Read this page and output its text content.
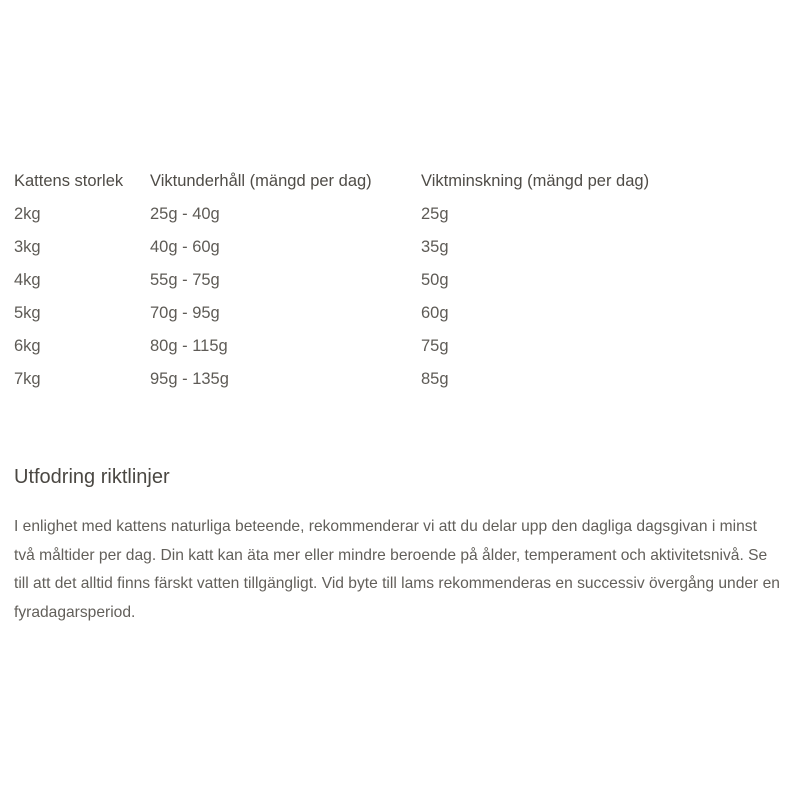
Kattens storlek	Viktunderhåll (mängd per dag)	Viktminskning (mängd per dag)
2kg	25g - 40g	25g
3kg	40g - 60g	35g
4kg	55g - 75g	50g
5kg	70g - 95g	60g
6kg	80g - 115g	75g
7kg	95g - 135g	85g
Utfodring riktlinjer

I enlighet med kattens naturliga beteende, rekommenderar vi att du delar upp den dagliga dagsgivan i minst två måltider per dag. Din katt kan äta mer eller mindre beroende på ålder, temperament och aktivitetsnivå. Se till att det alltid finns färskt vatten tillgängligt. Vid byte till lams rekommenderas en successiv övergång under en fyradagarsperiod.
